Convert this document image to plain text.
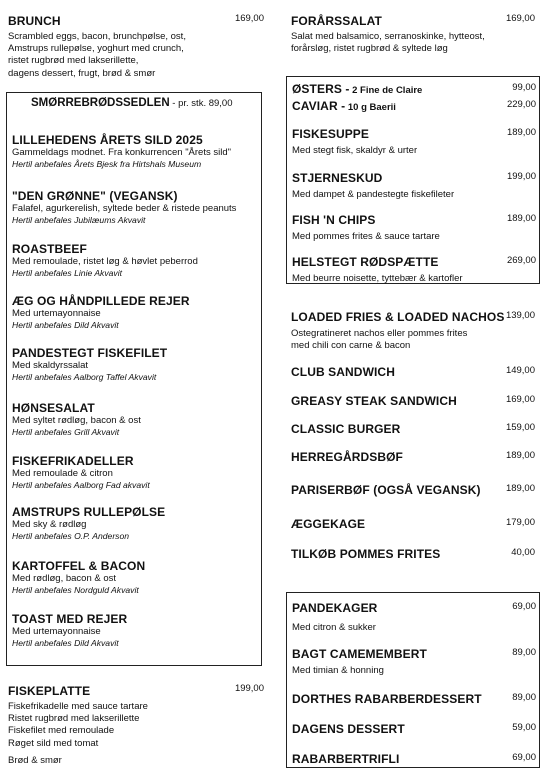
BRUNCH	169,00
Scrambled eggs, bacon, brunchpølse, ost,
Amstrups rullepølse, yoghurt med crunch,
ristet rugbrød med lakserillette,
dagens dessert, frugt, brød & smør
SMØRREBRØDSSEDLEN - pr. stk. 89,00
LILLEHEDENS ÅRETS SILD 2025
Gammeldags modnet. Fra konkurrencen "Årets sild"
Hertil anbefales Årets Bjesk fra Hirtshals Museum
"DEN GRØNNE" (VEGANSK)
Falafel, agurkerelish, syltede beder & ristede peanuts
Hertil anbefales Jubilæums Akvavit
ROASTBEEF
Med remoulade, ristet løg & høvlet peberrod
Hertil anbefales Linie Akvavit
ÆG OG HÅNDPILLEDE REJER
Med urtemayonnaise
Hertil anbefales Dild Akvavit
PANDESTEGT FISKEFILET
Med skaldyrssalat
Hertil anbefales Aalborg Taffel Akvavit
HØNSESALAT
Med syltet rødløg, bacon & ost
Hertil anbefales Grill Akvavit
FISKEFRIKADELLER
Med remoulade & citron
Hertil anbefales Aalborg Fad akvavit
AMSTRUPS RULLEPØLSE
Med sky & rødløg
Hertil anbefales O.P. Anderson
KARTOFFEL & BACON
Med rødløg, bacon & ost
Hertil anbefales Nordguld Akvavit
TOAST MED REJER
Med urtemayonnaise
Hertil anbefales Dild Akvavit
FISKEPLATTE	199,00
Fiskefrikadelle med sauce tartare
Ristet rugbrød med lakserillette
Fiskefilet med remoulade
Røget sild med tomat
Brød & smør
FORÅRSSALAT	169,00
Salat med balsamico, serranoskinke, hytteost,
forårsløg, ristet rugbrød & syltede løg
ØSTERS - 2 Fine de Claire	99,00
CAVIAR - 10 g Baerii	229,00
FISKESUPPE	189,00
Med stegt fisk, skaldyr & urter
STJERNESKUD	199,00
Med dampet & pandestegte fiskefileter
FISH 'N CHIPS	189,00
Med pommes frites & sauce tartare
HELSTEGT RØDSPÆTTE	269,00
Med beurre noisette, tyttebær & kartofler
LOADED FRIES & LOADED NACHOS 139,00
Ostegratineret nachos eller pommes frites
med chili con carne & bacon
CLUB SANDWICH	149,00
GREASY STEAK SANDWICH	169,00
CLASSIC BURGER	159,00
HERREGÅRDSBØF	189,00
PARISERBØF (OGSÅ VEGANSK)	189,00
ÆGGEKAGE	179,00
TILKØB POMMES FRITES	40,00
PANDEKAGER	69,00
Med citron & sukker
BAGT CAMEMEMBERT	89,00
Med timian & honning
DORTHES RABARBERDESSERT	89,00
DAGENS DESSERT	59,00
RABARBERTRIFLI	69,00
